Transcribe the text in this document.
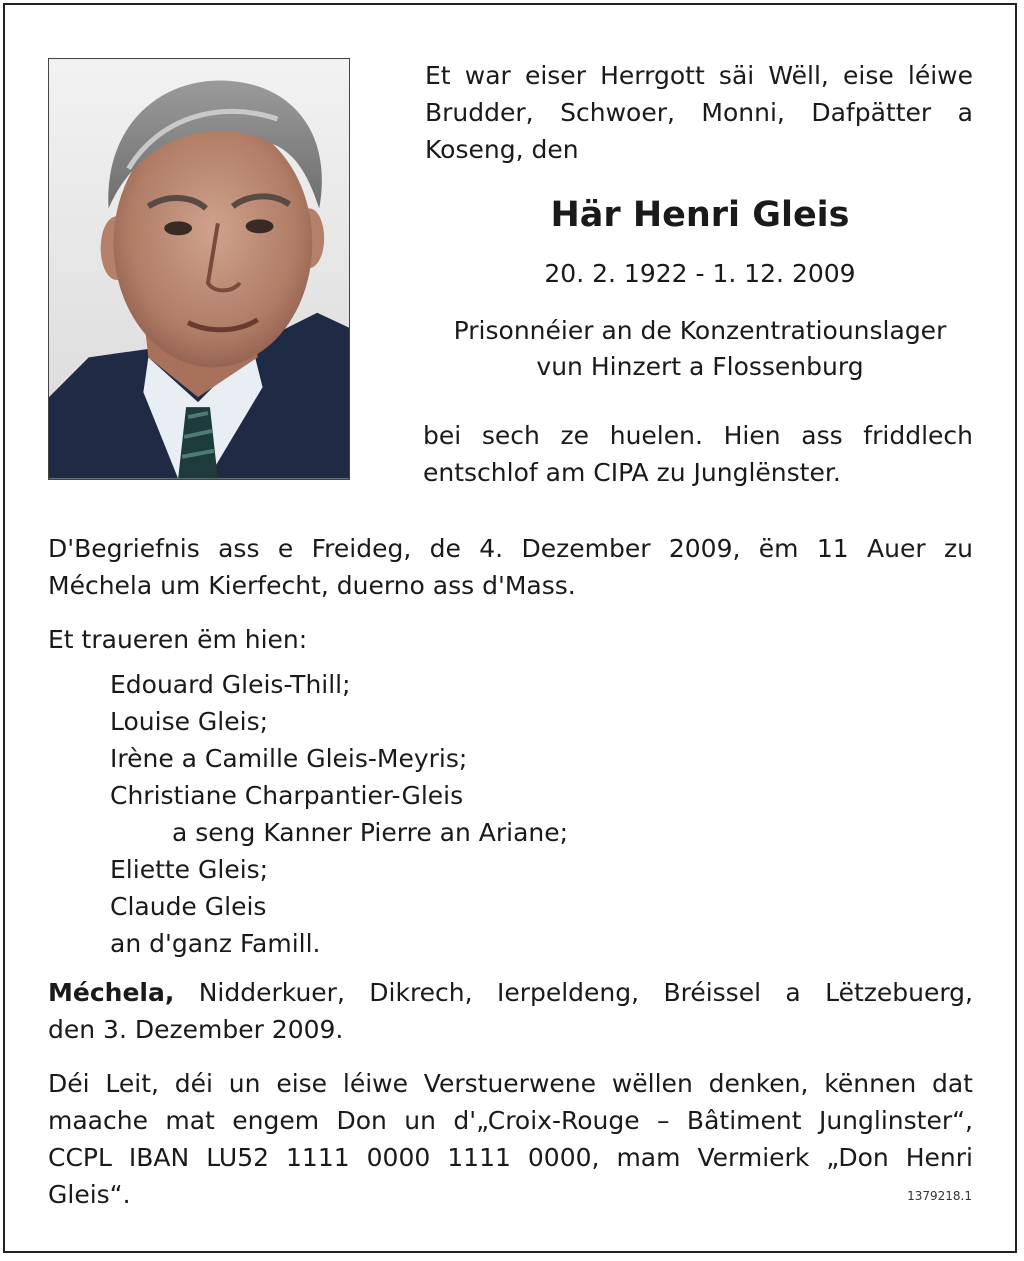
Et war eiser Herrgott säi Wëll, eise léiwe
Brudder, Schwoer, Monni, Dafpätter a
Koseng, den
Här Henri Gleis
20. 2. 1922 - 1. 12. 2009
Prisonnéier an de Konzentratiounslager
vun Hinzert a Flossenburg
bei sech ze huelen. Hien ass friddlech
entschlof am CIPA zu Junglënster.
D'Begriefnis ass e Freideg, de 4. Dezember 2009, ëm 11 Auer zu
Méchela um Kierfecht, duerno ass d'Mass.
Et traueren ëm hien:
Edouard Gleis-Thill;
Louise Gleis;
Irène a Camille Gleis-Meyris;
Christiane Charpantier-Gleis
a seng Kanner Pierre an Ariane;
Eliette Gleis;
Claude Gleis
an d'ganz Famill.
Méchela, Nidderkuer, Dikrech, Ierpeldeng, Bréissel a Lëtzebuerg,
den 3. Dezember 2009.
Déi Leit, déi un eise léiwe Verstuerwene wëllen denken, kënnen dat
maache mat engem Don un d'„Croix-Rouge – Bâtiment Junglinster“,
CCPL IBAN LU52 1111 0000 1111 0000, mam Vermierk „Don Henri
Gleis“.	1379218.1
